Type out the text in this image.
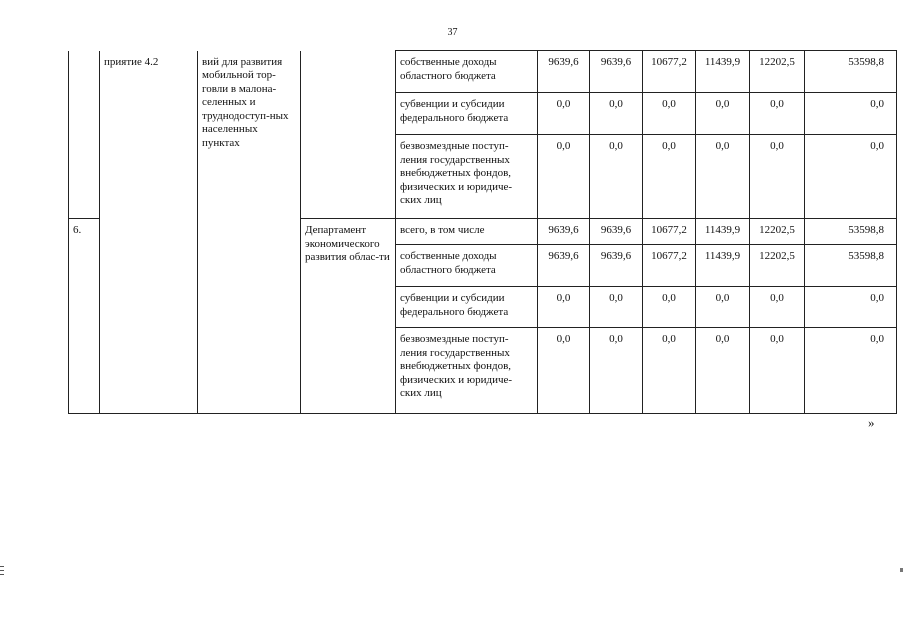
37
	приятие 4.2	вий для развития мобильной тор-говли в малона-селенных и труднодоступ-ных населенных пунктах		собственные доходы областного бюджета	9639,6	9639,6	10677,2	11439,9	12202,5	53598,8
				субвенции и субсидии федерального бюджета	0,0	0,0	0,0	0,0	0,0	0,0
				безвозмездные поступ-ления государственных внебюджетных фондов, физических и юридиче-ских лиц	0,0	0,0	0,0	0,0	0,0	0,0
6.			Департамент экономического развития облас-ти	всего, в том числе	9639,6	9639,6	10677,2	11439,9	12202,5	53598,8
				собственные доходы областного бюджета	9639,6	9639,6	10677,2	11439,9	12202,5	53598,8
				субвенции и субсидии федерального бюджета	0,0	0,0	0,0	0,0	0,0	0,0
				безвозмездные поступ-ления государственных внебюджетных фондов, физических и юридиче-ских лиц	0,0	0,0	0,0	0,0	0,0	0,0
»
